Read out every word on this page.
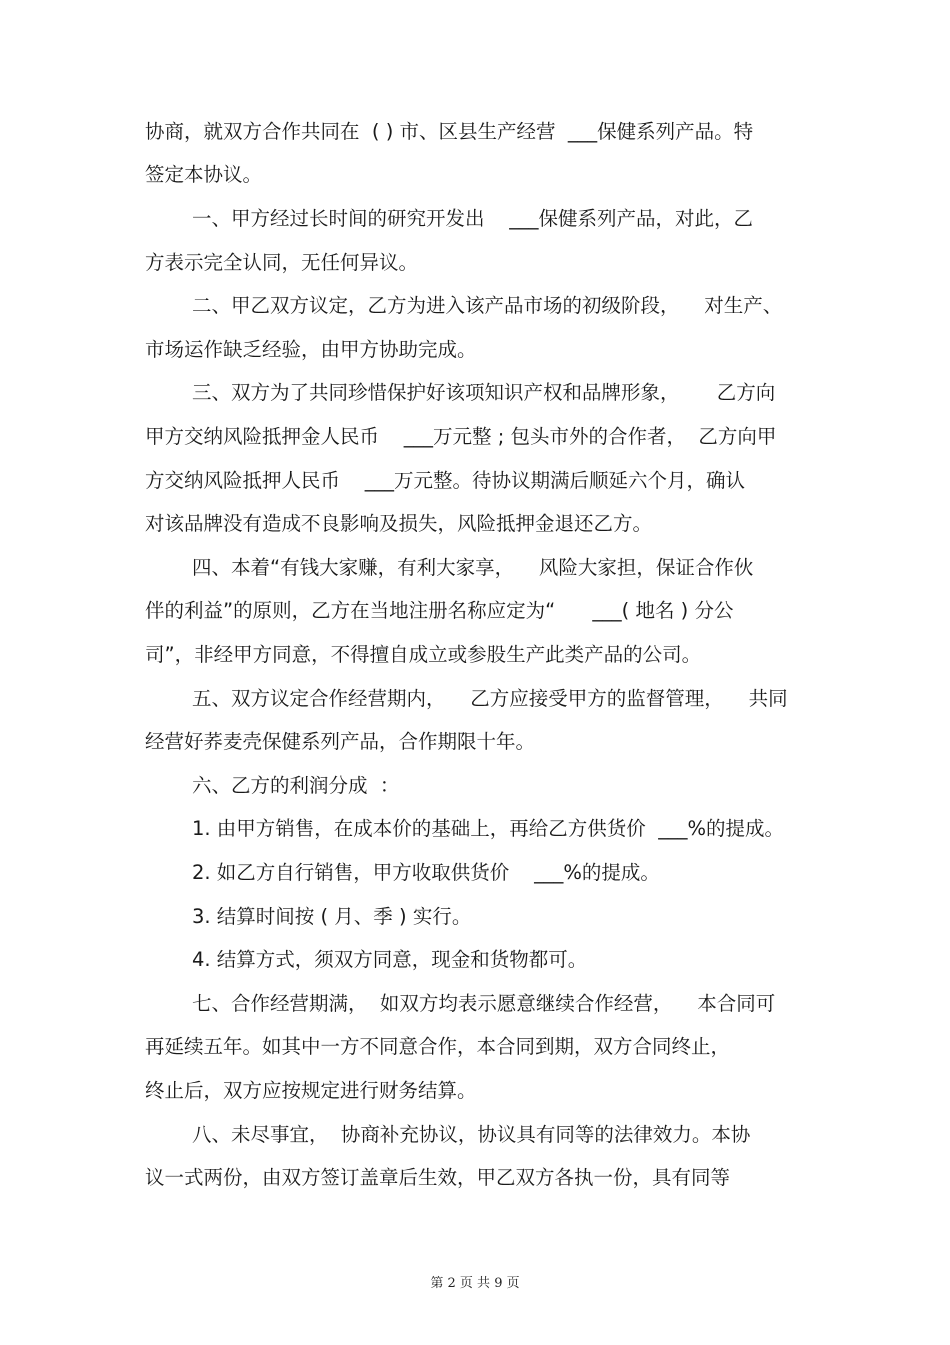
协商，就双方合作共同在  ( ) 市、区县生产经营  ___保健系列产品。特
签定本协议。
一、甲方经过长时间的研究开发出    ___保健系列产品，对此，乙
方表示完全认同，无任何异议。
二、甲乙双方议定，乙方为进入该产品市场的初级阶段，    对生产、
市场运作缺乏经验，由甲方协助完成。
三、双方为了共同珍惜保护好该项知识产权和品牌形象，      乙方向
甲方交纳风险抵押金人民币    ___万元整 ; 包头市外的合作者，  乙方向甲
方交纳风险抵押人民币    ___万元整。待协议期满后顺延六个月，确认
对该品牌没有造成不良影响及损失，风险抵押金退还乙方。
四、本着“有钱大家赚，有利大家享，    风险大家担，保证合作伙
伴的利益”的原则，乙方在当地注册名称应定为“      ___( 地名 ) 分公
司”，非经甲方同意，不得擅自成立或参股生产此类产品的公司。
五、双方议定合作经营期内，    乙方应接受甲方的监督管理，    共同
经营好荞麦壳保健系列产品，合作期限十年。
六、乙方的利润分成  ：
1. 由甲方销售，在成本价的基础上，再给乙方供货价  ___%的提成。
2. 如乙方自行销售，甲方收取供货价    ___%的提成。
3. 结算时间按 ( 月、季 ) 实行。
4. 结算方式，须双方同意，现金和货物都可。
七、合作经营期满，  如双方均表示愿意继续合作经营，    本合同可
再延续五年。如其中一方不同意合作，本合同到期，双方合同终止，
终止后，双方应按规定进行财务结算。
八、未尽事宜，  协商补充协议，协议具有同等的法律效力。本协
议一式两份，由双方签订盖章后生效，甲乙双方各执一份，具有同等
第 2 页 共 9 页
